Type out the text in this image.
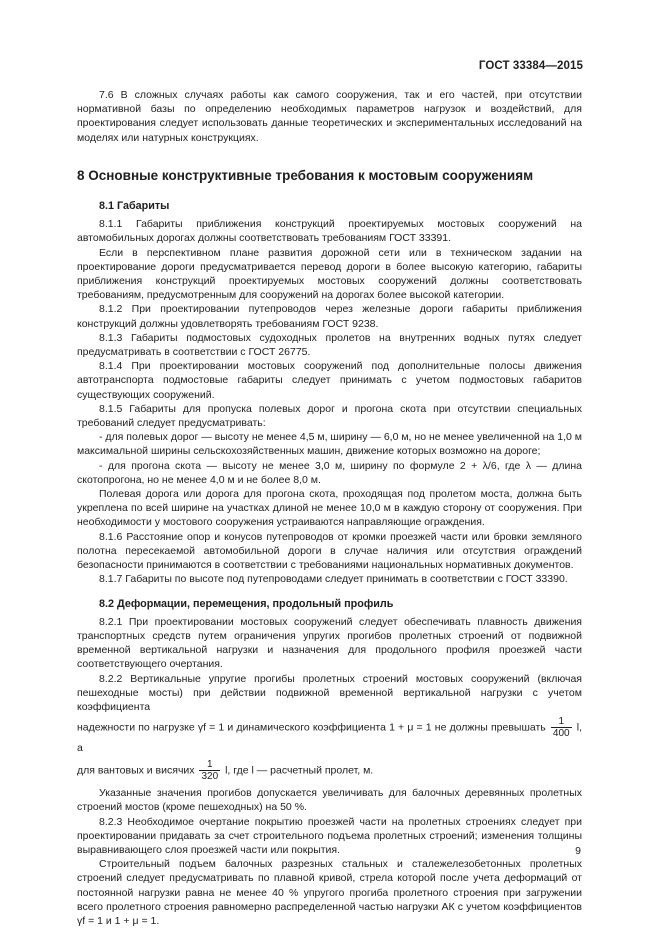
ГОСТ 33384—2015

7.6 В сложных случаях работы как самого сооружения, так и его частей, при отсутствии нормативной базы по определению необходимых параметров нагрузок и воздействий, для проектирования следует использовать данные теоретических и экспериментальных исследований на моделях или натурных конструкциях.

8 Основные конструктивные требования к мостовым сооружениям

8.1 Габариты

8.1.1 Габариты приближения конструкций проектируемых мостовых сооружений на автомобильных дорогах должны соответствовать требованиям ГОСТ 33391.

Если в перспективном плане развития дорожной сети или в техническом задании на проектирование дороги предусматривается перевод дороги в более высокую категорию, габариты приближения конструкций проектируемых мостовых сооружений должны соответствовать требованиям, предусмотренным для сооружений на дорогах более высокой категории.

8.1.2 При проектировании путепроводов через железные дороги габариты приближения конструкций должны удовлетворять требованиям ГОСТ 9238.

8.1.3 Габариты подмостовых судоходных пролетов на внутренних водных путях следует предусматривать в соответствии с ГОСТ 26775.

8.1.4 При проектировании мостовых сооружений под дополнительные полосы движения автотранспорта подмостовые габариты следует принимать с учетом подмостовых габаритов существующих сооружений.

8.1.5 Габариты для пропуска полевых дорог и прогона скота при отсутствии специальных требований следует предусматривать:

- для полевых дорог — высоту не менее 4,5 м, ширину — 6,0 м, но не менее увеличенной на 1,0 м максимальной ширины сельскохозяйственных машин, движение которых возможно на дороге;

- для прогона скота — высоту не менее 3,0 м, ширину по формуле 2 + λ/6, где λ — длина скотопрогона, но не менее 4,0 м и не более 8,0 м.

Полевая дорога или дорога для прогона скота, проходящая под пролетом моста, должна быть укреплена по всей ширине на участках длиной не менее 10,0 м в каждую сторону от сооружения. При необходимости у мостового сооружения устраиваются направляющие ограждения.

8.1.6 Расстояние опор и конусов путепроводов от кромки проезжей части или бровки земляного полотна пересекаемой автомобильной дороги в случае наличия или отсутствия ограждений безопасности принимаются в соответствии с требованиями национальных нормативных документов.

8.1.7 Габариты по высоте под путепроводами следует принимать в соответствии с ГОСТ 33390.

8.2 Деформации, перемещения, продольный профиль

8.2.1 При проектировании мостовых сооружений следует обеспечивать плавность движения транспортных средств путем ограничения упругих прогибов пролетных строений от подвижной временной вертикальной нагрузки и назначения для продольного профиля проезжей части соответствующего очертания.

8.2.2 Вертикальные упругие прогибы пролетных строений мостовых сооружений (включая пешеходные мосты) при действии подвижной временной вертикальной нагрузки с учетом коэффициента

надежности по нагрузке γf = 1 и динамического коэффициента 1 + μ = 1 не должны превышать $\frac{1}{400} l$, а

для вантовых и висячих $\frac{1}{320} l$, где l — расчетный пролет, м.

Указанные значения прогибов допускается увеличивать для балочных деревянных пролетных строений мостов (кроме пешеходных) на 50 %.

8.2.3 Необходимое очертание покрытию проезжей части на пролетных строениях следует при проектировании придавать за счет строительного подъема пролетных строений; изменения толщины выравнивающего слоя проезжей части или покрытия.

Строительный подъем балочных разрезных стальных и сталежелезобетонных пролетных строений следует предусматривать по плавной кривой, стрела которой после учета деформаций от постоянной нагрузки равна не менее 40 % упругого прогиба пролетного строения при загружении всего пролетного строения равномерно распределенной частью нагрузки АК с учетом коэффициентов γf = 1 и 1 + μ = 1.

9
